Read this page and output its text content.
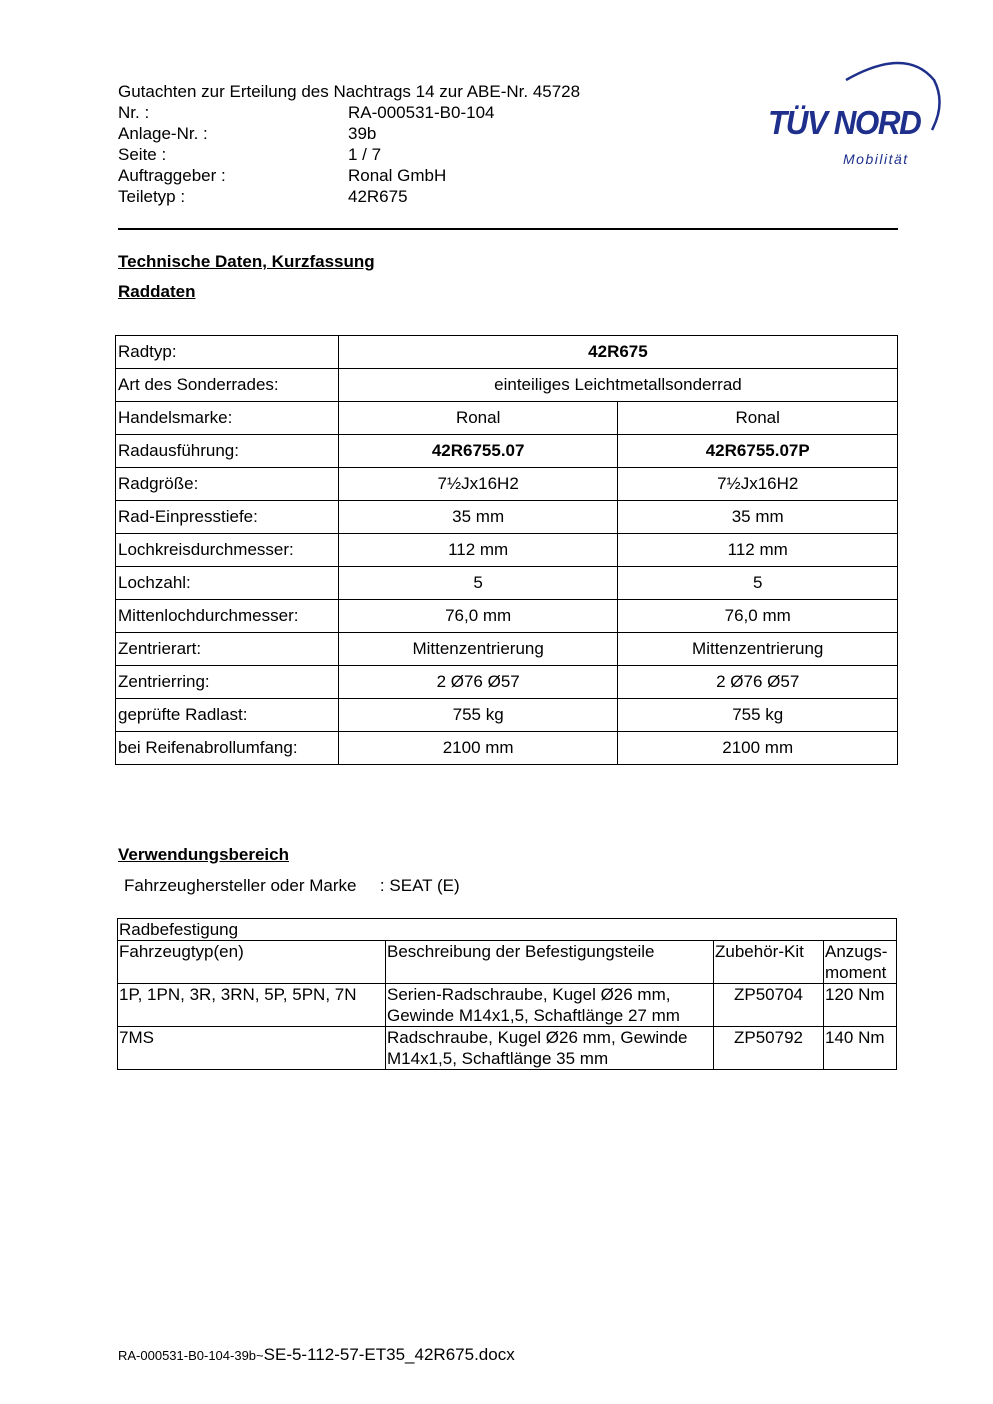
Gutachten zur Erteilung des Nachtrags 14 zur ABE-Nr. 45728
Nr. :	RA-000531-B0-104
Anlage-Nr. :	39b
Seite :	1 / 7
Auftraggeber :	Ronal GmbH
Teiletyp :	42R675
TÜV NORD
Mobilität
Technische Daten, Kurzfassung
Raddaten
Radtyp:	42R675	
Art des Sonderrades:	einteiliges Leichtmetallsonderrad	
Handelsmarke:	Ronal	Ronal
Radausführung:	42R6755.07	42R6755.07P
Radgröße:	7½Jx16H2	7½Jx16H2
Rad-Einpresstiefe:	35 mm	35 mm
Lochkreisdurchmesser:	112 mm	112 mm
Lochzahl:	5	5
Mittenlochdurchmesser:	76,0 mm	76,0 mm
Zentrierart:	Mittenzentrierung	Mittenzentrierung
Zentrierring:	2 Ø76 Ø57	2 Ø76 Ø57
geprüfte Radlast:	755 kg	755 kg
bei Reifenabrollumfang:	2100 mm	2100 mm
Verwendungsbereich
Fahrzeughersteller oder Marke : SEAT (E)
Radbefestigung			
Fahrzeugtyp(en)	Beschreibung der Befestigungsteile	Zubehör-Kit	Anzugs-moment
1P, 1PN, 3R, 3RN, 5P, 5PN, 7N	Serien-Radschraube, Kugel Ø26 mm, Gewinde M14x1,5, Schaftlänge 27 mm	ZP50704	120 Nm
7MS	Radschraube, Kugel Ø26 mm, Gewinde M14x1,5, Schaftlänge 35 mm	ZP50792	140 Nm
RA-000531-B0-104-39b~SE-5-112-57-ET35_42R675.docx
